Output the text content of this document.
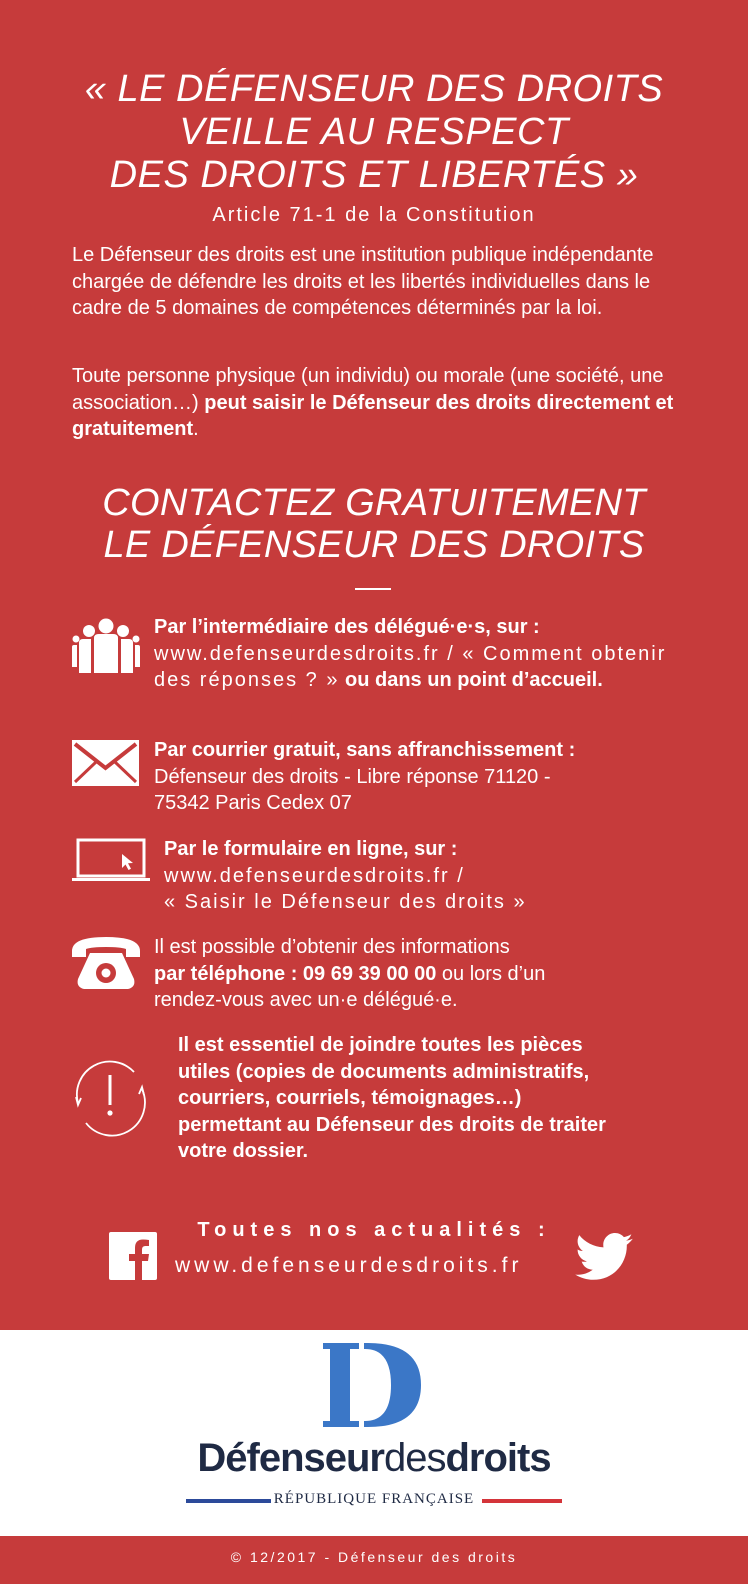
« LE DÉFENSEUR DES DROITS
VEILLE AU RESPECT
DES DROITS ET LIBERTÉS »
Article 71-1 de la Constitution
Le Défenseur des droits est une institution publique indépendante chargée de défendre les droits et les libertés individuelles dans le cadre de 5 domaines de compétences déterminés par la loi.
Toute personne physique (un individu) ou morale (une société, une association…) peut saisir le Défenseur des droits directement et gratuitement.
CONTACTEZ GRATUITEMENT
LE DÉFENSEUR DES DROITS
Par l’intermédiaire des délégué·e·s, sur :
www.defenseurdesdroits.fr / « Comment obtenir des réponses ? » ou dans un point d’accueil.
Par courrier gratuit, sans affranchissement :
Défenseur des droits - Libre réponse 71120 -
75342 Paris Cedex 07
Par le formulaire en ligne, sur :
www.defenseurdesdroits.fr /
« Saisir le Défenseur des droits »
Il est possible d’obtenir des informations
par téléphone : 09 69 39 00 00 ou lors d’un
rendez-vous avec un·e délégué·e.
Il est essentiel de joindre toutes les pièces
utiles (copies de documents administratifs,
courriers, courriels, témoignages…)
permettant au Défenseur des droits de traiter
votre dossier.
Toutes nos actualités :
www.defenseurdesdroits.fr
Défenseurdesdroits
RÉPUBLIQUE FRANÇAISE
© 12/2017 - Défenseur des droits
